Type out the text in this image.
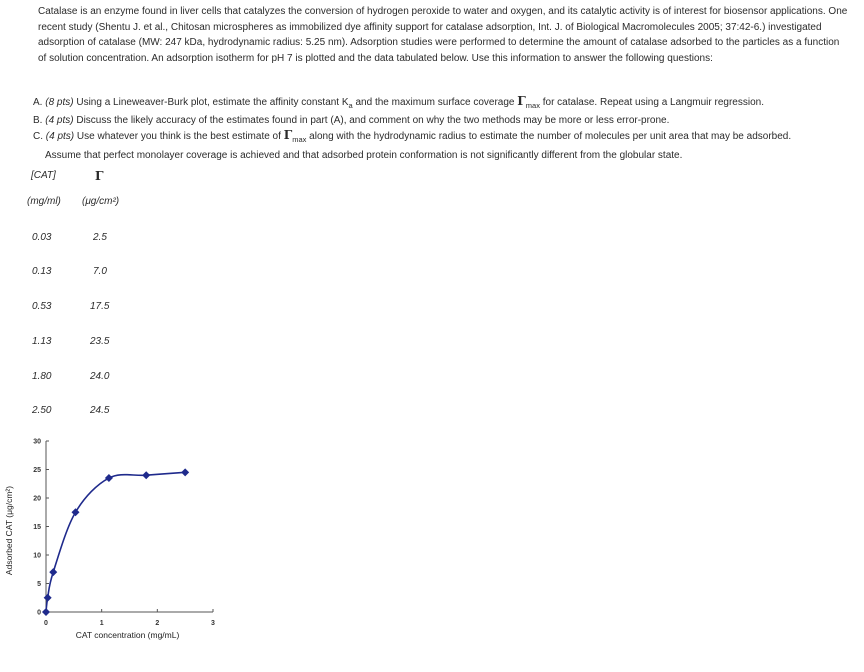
Catalase is an enzyme found in liver cells that catalyzes the conversion of hydrogen peroxide to water and oxygen, and its catalytic activity is of interest for biosensor applications. One recent study (Shentu J. et al., Chitosan microspheres as immobilized dye affinity support for catalase adsorption, Int. J. of Biological Macromolecules 2005; 37:42-6.) investigated adsorption of catalase (MW: 247 kDa, hydrodynamic radius: 5.25 nm). Adsorption studies were performed to determine the amount of catalase adsorbed to the particles as a function of solution concentration. An adsorption isotherm for pH 7 is plotted and the data tabulated below. Use this information to answer the following questions:

A. (8 pts) Using a Lineweaver-Burk plot, estimate the affinity constant $K_a$ and the maximum surface coverage $\Gamma_{max}$ for catalase. Repeat using a Langmuir regression.

B. (4 pts) Discuss the likely accuracy of the estimates found in part (A), and comment on why the two methods may be more or less error-prone.

C. (4 pts) Use whatever you think is the best estimate of $\Gamma_{max}$ along with the hydrodynamic radius to estimate the number of molecules per unit area that may be adsorbed.

Assume that perfect monolayer coverage is achieved and that adsorbed protein conformation is not significantly different from the globular state.

[CAT]
(mg/ml)
Γ
(μg/cm²)
0.03	2.5
0.13	7.0
0.53	17.5
1.13	23.5
1.80	24.0
2.50	24.5
0
5
10
15
20
25
30
0	1	2	3
CAT concentration (mg/mL)
Adsorbed CAT (μg/cm²)
